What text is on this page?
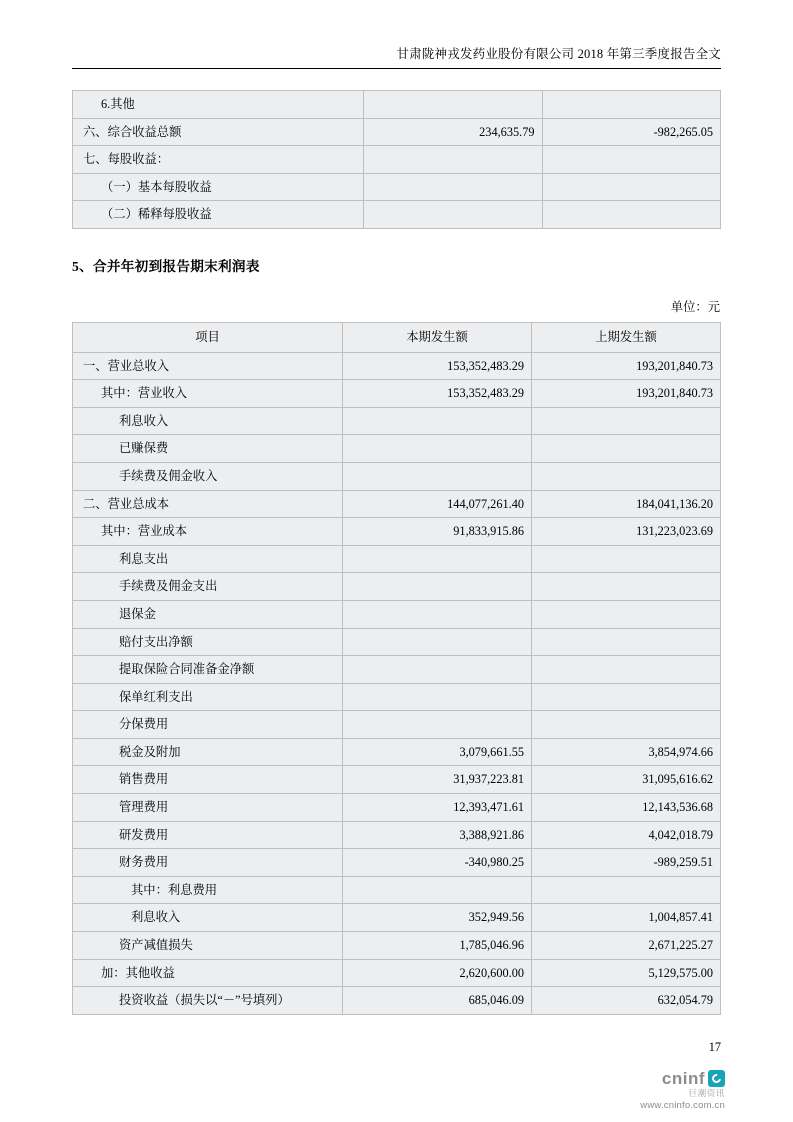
甘肃陇神戎发药业股份有限公司 2018 年第三季度报告全文
6.其他		
六、综合收益总额	234,635.79	-982,265.05
七、每股收益：		
（一）基本每股收益		
（二）稀释每股收益		
5、合并年初到报告期末利润表
单位：元
项目	本期发生额	上期发生额
一、营业总收入	153,352,483.29	193,201,840.73
其中：营业收入	153,352,483.29	193,201,840.73
利息收入		
已赚保费		
手续费及佣金收入		
二、营业总成本	144,077,261.40	184,041,136.20
其中：营业成本	91,833,915.86	131,223,023.69
利息支出		
手续费及佣金支出		
退保金		
赔付支出净额		
提取保险合同准备金净额		
保单红利支出		
分保费用		
税金及附加	3,079,661.55	3,854,974.66
销售费用	31,937,223.81	31,095,616.62
管理费用	12,393,471.61	12,143,536.68
研发费用	3,388,921.86	4,042,018.79
财务费用	-340,980.25	-989,259.51
其中：利息费用		
利息收入	352,949.56	1,004,857.41
资产减值损失	1,785,046.96	2,671,225.27
加：其他收益	2,620,600.00	5,129,575.00
投资收益（损失以“－”号填列）	685,046.09	632,054.79
17
cninf
巨潮资讯
www.cninfo.com.cn
